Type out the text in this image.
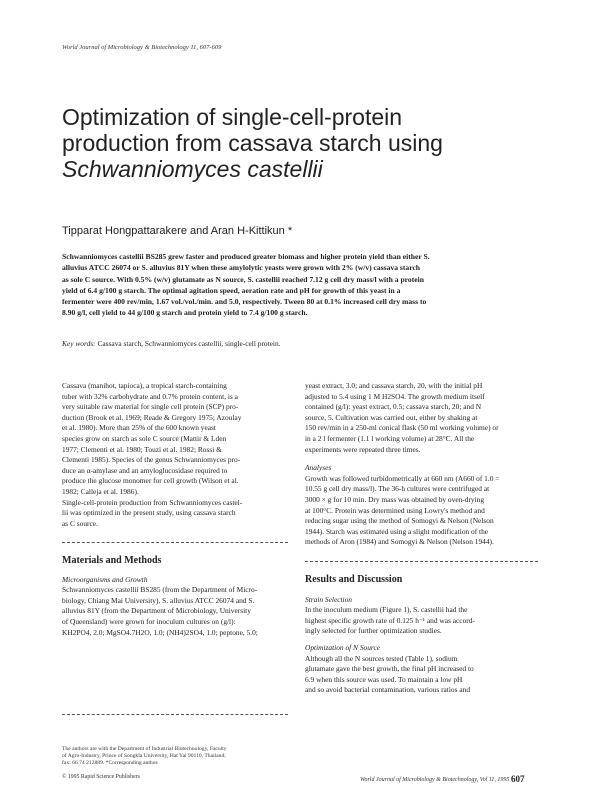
World Journal of Microbiology & Biotechnology 11, 607-609
Optimization of single-cell-protein
production from cassava starch using
Schwanniomyces castellii
Tipparat Hongpattarakere and Aran H-Kittikun *
Schwanniomyces castellii BS285 grew faster and produced greater biomass and higher protein yield than either S.
alluvius ATCC 26074 or S. alluvius 81Y when these amylolytic yeasts were grown with 2% (w/v) cassava starch
as sole C source. With 0.5% (w/v) glutamate as N source, S. castellii reached 7.12 g cell dry mass/l with a protein
yield of 6.4 g/100 g starch. The optimal agitation speed, aeration rate and pH for growth of this yeast in a
fermenter were 400 rev/min, 1.67 vol./vol./min. and 5.0, respectively. Tween 80 at 0.1% increased cell dry mass to
8.90 g/l, cell yield to 44 g/100 g starch and protein yield to 7.4 g/100 g starch.
Key words: Cassava starch, Schwanniomyces castellii, single-cell protein.
Cassava (manihot, tapioca), a tropical starch-containing
tuber with 32% carbohydrate and 0.7% protein content, is a
very suitable raw material for single cell protein (SCP) pro-
duction (Brook et al. 1969; Reade & Gregory 1975; Azoulay
et al. 1980). More than 25% of the 600 known yeast
species grow on starch as sole C source (Mattir & Lden
1977; Clementi et al. 1980; Touzi et al. 1982; Rossi &
Clementi 1985). Species of the genus Schwanniomyces pro-
duce an α-amylase and an amyloglucosidase required to
produce the glucose monomer for cell growth (Wilson et al.
1982; Calleja et al. 1986).
Single-cell-protein production from Schwanniomyces castel-
lii was optimized in the present study, using cassava starch
as C source.
Materials and Methods
Microorganisms and Growth
Schwanniomyces castellii BS285 (from the Department of Micro-
biology, Chiang Mai University), S. alluvius ATCC 26074 and S.
alluvius 81Y (from the Department of Microbiology, University
of Queensland) were grown for inoculum cultures on (g/l):
KH2PO4, 2.0; MgSO4.7H2O, 1.0; (NH4)2SO4, 1.0; peptone, 5.0;
The authors are with the Department of Industrial Biotechnology, Faculty
of Agro-Industry, Prince of Songkla University, Hat Yai 90110, Thailand;
fax: 66 74 212889. *Corresponding author.
© 1995 Rapid Science Publishers
yeast extract, 3.0; and cassava starch, 20, with the initial pH
adjusted to 5.4 using 1 M H2SO4. The growth medium itself
contained (g/l): yeast extract, 0.5; cassava starch, 20; and N
source, 5. Cultivation was carried out, either by shaking at
150 rev/min in a 250-ml conical flask (50 ml working volume) or
in a 2 l fermenter (1.1 l working volume) at 28°C. All the
experiments were repeated three times.
Analyses
Growth was followed turbidometrically at 660 nm (A660 of 1.0 =
10.55 g cell dry mass/l). The 36-h cultures were centrifuged at
3000 × g for 10 min. Dry mass was obtained by oven-drying
at 100°C. Protein was determined using Lowry's method and
reducing sugar using the method of Somogyi & Nelson (Nelson
1944). Starch was estimated using a slight modification of the
methods of Aron (1984) and Somogyi & Nelson (Nelson 1944).
Results and Discussion
Strain Selection
In the inoculum medium (Figure 1), S. castellii had the
highest specific growth rate of 0.125 h⁻¹ and was accord-
ingly selected for further optimization studies.
Optimization of N Source
Although all the N sources tested (Table 1), sodium
glutamate gave the best growth, the final pH increased to
6.9 when this source was used. To maintain a low pH
and so avoid bacterial contamination, various ratios and
World Journal of Microbiology & Biotechnology, Vol 11, 1995 607
